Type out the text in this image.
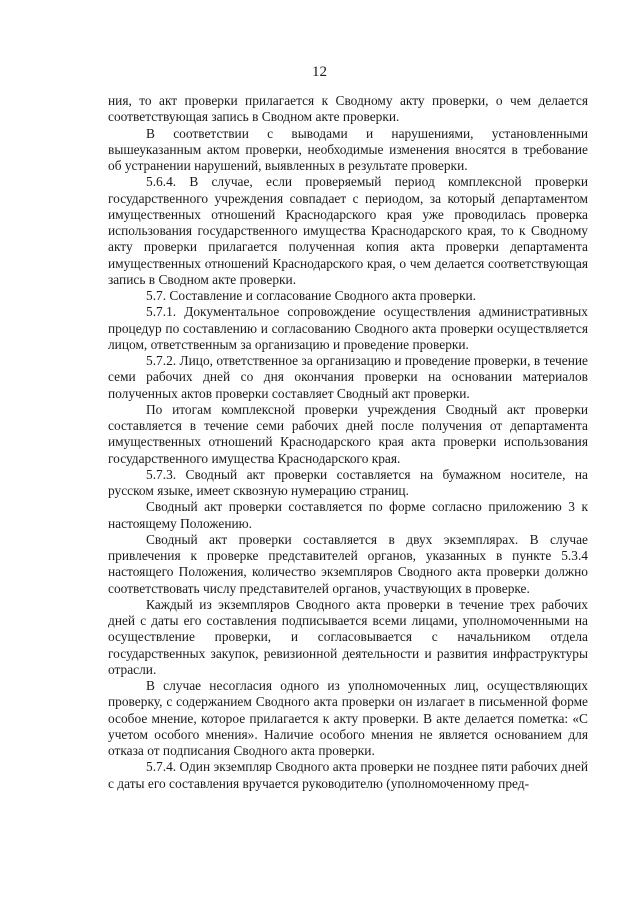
12

ния, то акт проверки прилагается к Сводному акту проверки, о чем делается соответствующая запись в Сводном акте проверки.

В соответствии с выводами и нарушениями, установленными вышеуказанным актом проверки, необходимые изменения вносятся в требование об устранении нарушений, выявленных в результате проверки.

5.6.4. В случае, если проверяемый период комплексной проверки государственного учреждения совпадает с периодом, за который департаментом имущественных отношений Краснодарского края уже проводилась проверка использования государственного имущества Краснодарского края, то к Сводному акту проверки прилагается полученная копия акта проверки департамента имущественных отношений Краснодарского края, о чем делается соответствующая запись в Сводном акте проверки.

5.7. Составление и согласование Сводного акта проверки.

5.7.1. Документальное сопровождение осуществления административных процедур по составлению и согласованию Сводного акта проверки осуществляется лицом, ответственным за организацию и проведение проверки.

5.7.2. Лицо, ответственное за организацию и проведение проверки, в течение семи рабочих дней со дня окончания проверки на основании материалов полученных актов проверки составляет Сводный акт проверки.

По итогам комплексной проверки учреждения Сводный акт проверки составляется в течение семи рабочих дней после получения от департамента имущественных отношений Краснодарского края акта проверки использования государственного имущества Краснодарского края.

5.7.3. Сводный акт проверки составляется на бумажном носителе, на русском языке, имеет сквозную нумерацию страниц.

Сводный акт проверки составляется по форме согласно приложению 3 к настоящему Положению.

Сводный акт проверки составляется в двух экземплярах. В случае привлечения к проверке представителей органов, указанных в пункте 5.3.4 настоящего Положения, количество экземпляров Сводного акта проверки должно соответствовать числу представителей органов, участвующих в проверке.

Каждый из экземпляров Сводного акта проверки в течение трех рабочих дней с даты его составления подписывается всеми лицами, уполномоченными на осуществление проверки, и согласовывается с начальником отдела государственных закупок, ревизионной деятельности и развития инфраструктуры отрасли.

В случае несогласия одного из уполномоченных лиц, осуществляющих проверку, с содержанием Сводного акта проверки он излагает в письменной форме особое мнение, которое прилагается к акту проверки. В акте делается пометка: «С учетом особого мнения». Наличие особого мнения не является основанием для отказа от подписания Сводного акта проверки.

5.7.4. Один экземпляр Сводного акта проверки не позднее пяти рабочих дней с даты его составления вручается руководителю (уполномоченному пред-
